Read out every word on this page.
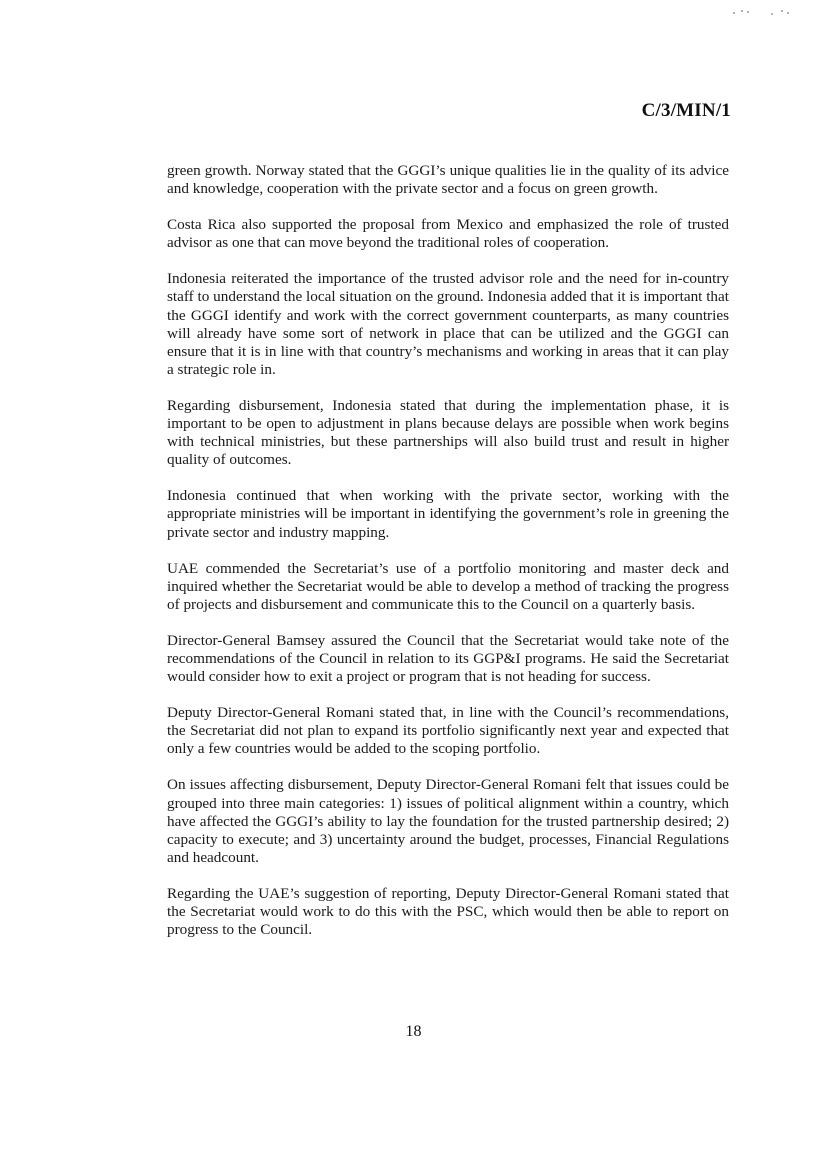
C/3/MIN/1

green growth. Norway stated that the GGGI’s unique qualities lie in the quality of its advice and knowledge, cooperation with the private sector and a focus on green growth.

Costa Rica also supported the proposal from Mexico and emphasized the role of trusted advisor as one that can move beyond the traditional roles of cooperation.

Indonesia reiterated the importance of the trusted advisor role and the need for in-country staff to understand the local situation on the ground. Indonesia added that it is important that the GGGI identify and work with the correct government counterparts, as many countries will already have some sort of network in place that can be utilized and the GGGI can ensure that it is in line with that country’s mechanisms and working in areas that it can play a strategic role in.

Regarding disbursement, Indonesia stated that during the implementation phase, it is important to be open to adjustment in plans because delays are possible when work begins with technical ministries, but these partnerships will also build trust and result in higher quality of outcomes.

Indonesia continued that when working with the private sector, working with the appropriate ministries will be important in identifying the government’s role in greening the private sector and industry mapping.

UAE commended the Secretariat’s use of a portfolio monitoring and master deck and inquired whether the Secretariat would be able to develop a method of tracking the progress of projects and disbursement and communicate this to the Council on a quarterly basis.

Director-General Bamsey assured the Council that the Secretariat would take note of the recommendations of the Council in relation to its GGP&I programs. He said the Secretariat would consider how to exit a project or program that is not heading for success.

Deputy Director-General Romani stated that, in line with the Council’s recommendations, the Secretariat did not plan to expand its portfolio significantly next year and expected that only a few countries would be added to the scoping portfolio.

On issues affecting disbursement, Deputy Director-General Romani felt that issues could be grouped into three main categories: 1) issues of political alignment within a country, which have affected the GGGI’s ability to lay the foundation for the trusted partnership desired; 2) capacity to execute; and 3) uncertainty around the budget, processes, Financial Regulations and headcount.

Regarding the UAE’s suggestion of reporting, Deputy Director-General Romani stated that the Secretariat would work to do this with the PSC, which would then be able to report on progress to the Council.

18
